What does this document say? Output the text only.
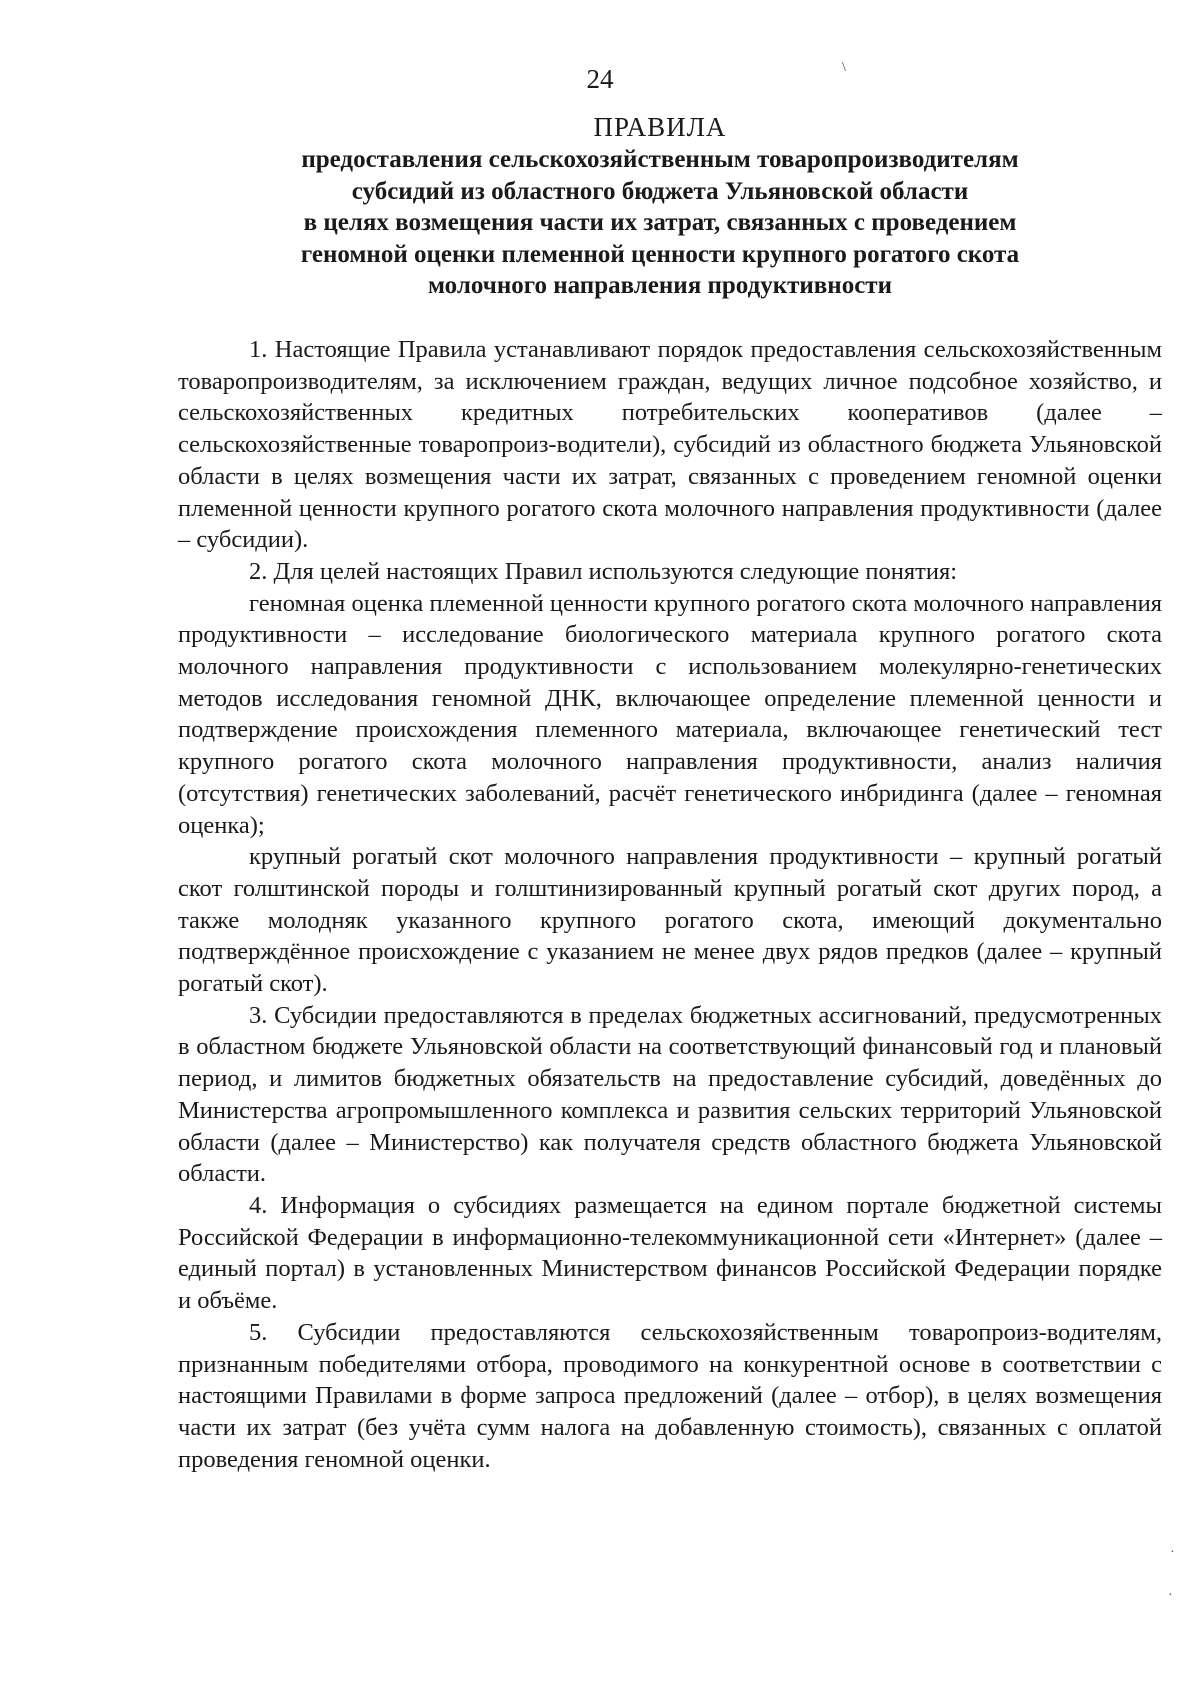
24	\
ПРАВИЛА

предоставления сельскохозяйственным товаропроизводителям

субсидий из областного бюджета Ульяновской области

в целях возмещения части их затрат, связанных с проведением

геномной оценки племенной ценности крупного рогатого скота

молочного направления продуктивности

1. Настоящие Правила устанавливают порядок предоставления сельскохозяйственным товаропроизводителям, за исключением граждан, ведущих личное подсобное хозяйство, и сельскохозяйственных кредитных потребительских кооперативов (далее – сельскохозяйственные товаропроиз-водители), субсидий из областного бюджета Ульяновской области в целях возмещения части их затрат, связанных с проведением геномной оценки племенной ценности крупного рогатого скота молочного направления продуктивности (далее – субсидии).

2. Для целей настоящих Правил используются следующие понятия:

геномная оценка племенной ценности крупного рогатого скота молочного направления продуктивности – исследование биологического материала крупного рогатого скота молочного направления продуктивности с использованием молекулярно-генетических методов исследования геномной ДНК, включающее определение племенной ценности и подтверждение происхождения племенного материала, включающее генетический тест крупного рогатого скота молочного направления продуктивности, анализ наличия (отсутствия) генетических заболеваний, расчёт генетического инбридинга (далее – геномная оценка);

крупный рогатый скот молочного направления продуктивности – крупный рогатый скот голштинской породы и голштинизированный крупный рогатый скот других пород, а также молодняк указанного крупного рогатого скота, имеющий документально подтверждённое происхождение с указанием не менее двух рядов предков (далее – крупный рогатый скот).

3. Субсидии предоставляются в пределах бюджетных ассигнований, предусмотренных в областном бюджете Ульяновской области на соответствующий финансовый год и плановый период, и лимитов бюджетных обязательств на предоставление субсидий, доведённых до Министерства агропромышленного комплекса и развития сельских территорий Ульяновской области (далее – Министерство) как получателя средств областного бюджета Ульяновской области.

4. Информация о субсидиях размещается на едином портале бюджетной системы Российской Федерации в информационно-телекоммуникационной сети «Интернет» (далее – единый портал) в установленных Министерством финансов Российской Федерации порядке и объёме.

5. Субсидии предоставляются сельскохозяйственным товаропроиз-водителям, признанным победителями отбора, проводимого на конкурентной основе в соответствии с настоящими Правилами в форме запроса предложений (далее – отбор), в целях возмещения части их затрат (без учёта сумм налога на добавленную стоимость), связанных с оплатой проведения геномной оценки.

·
·
